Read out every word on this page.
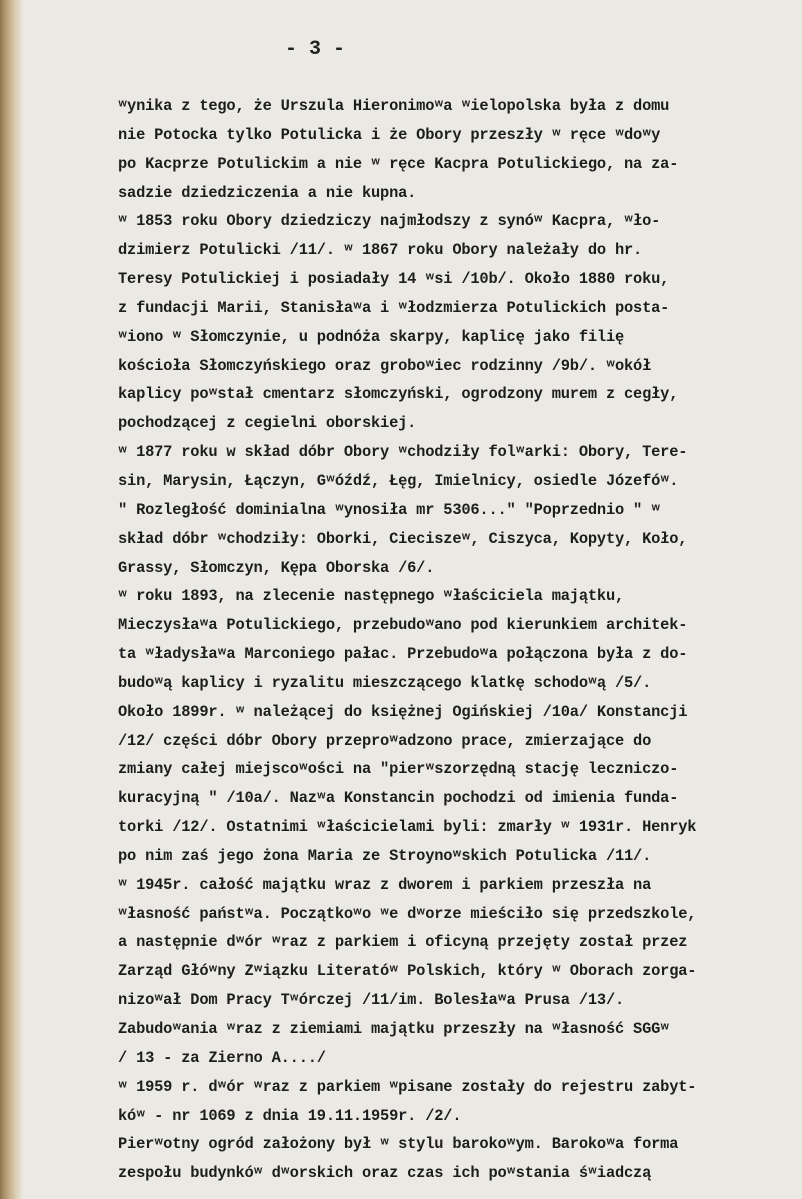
- 3 -
ʷynika z tego, że Urszula Hieronimoʷa ʷielopolska była z domu
nie Potocka tylko Potulicka i że Obory przeszły ʷ ręce ʷdoʷy
po Kacprze Potulickim a nie ʷ ręce Kacpra Potulickiego, na za-
sadzie dziedziczenia a nie kupna.
ʷ 1853 roku Obory dziedziczy najmłodszy z synóʷ Kacpra, ʷło-
dzimierz Potulicki /11/. ʷ 1867 roku Obory należały do hr.
Teresy Potulickiej i posiadały 14 ʷsi /10b/. Około 1880 roku,
z fundacji Marii, Stanisłaʷa i ʷłodzmierza Potulickich posta-
ʷiono ʷ Słomczynie, u podnóża skarpy, kaplicę jako filię
kościoła Słomczyńskiego oraz groboʷiec rodzinny /9b/. ʷokół
kaplicy poʷstał cmentarz słomczyński, ogrodzony murem z cegły,
pochodzącej z cegielni oborskiej.
ʷ 1877 roku w skład dóbr Obory ʷchodziły folʷarki: Obory, Tere-
sin, Marysin, Łączyn, Gʷóźdź, Łęg, Imielnicy, osiedle Józefóʷ.
" Rozległość dominialna ʷynosiła mr 5306..." "Poprzednio " ʷ
skład dóbr ʷchodziły: Oborki, Cieciszeʷ, Ciszyca, Kopyty, Koło,
Grassy, Słomczyn, Kępa Oborska /6/.
ʷ roku 1893, na zlecenie następnego ʷłaściciela majątku,
Mieczysłaʷa Potulickiego, przebudoʷano pod kierunkiem architek-
ta ʷładysłaʷa Marconiego pałac. Przebudoʷa połączona była z do-
budoʷą kaplicy i ryzalitu mieszczącego klatkę schodoʷą /5/.
Około 1899r. ʷ należącej do księżnej Ogińskiej /10a/ Konstancji
/12/ części dóbr Obory przeproʷadzono prace, zmierzające do
zmiany całej miejscoʷości na "pierʷszorzędną stację leczniczo-
kuracyjną " /10a/. Nazʷa Konstancin pochodzi od imienia funda-
torki /12/. Ostatnimi ʷłaścicielami byli: zmarły ʷ 1931r. Henryk
po nim zaś jego żona Maria ze Stroynoʷskich Potulicka /11/.
ʷ 1945r. całość majątku wraz z dworem i parkiem przeszła na
ʷłasność państʷa. Początkoʷo ʷe dʷorze mieściło się przedszkole,
a następnie dʷór ʷraz z parkiem i oficyną przejęty został przez
Zarząd Głóʷny Zʷiązku Literatóʷ Polskich, który ʷ Oborach zorga-
nizoʷał Dom Pracy Tʷórczej /11/im. Bolesłaʷa Prusa /13/.
Zabudoʷania ʷraz z ziemiami majątku przeszły na ʷłasność SGGʷ
/ 13 - za Zierno A..../
ʷ 1959 r. dʷór ʷraz z parkiem ʷpisane zostały do rejestru zabyt-
kóʷ - nr 1069 z dnia 19.11.1959r. /2/.
Pierʷotny ogród założony był ʷ stylu barokoʷym. Barokoʷa forma
zespołu budynkóʷ dʷorskich oraz czas ich poʷstania śʷiadczą
